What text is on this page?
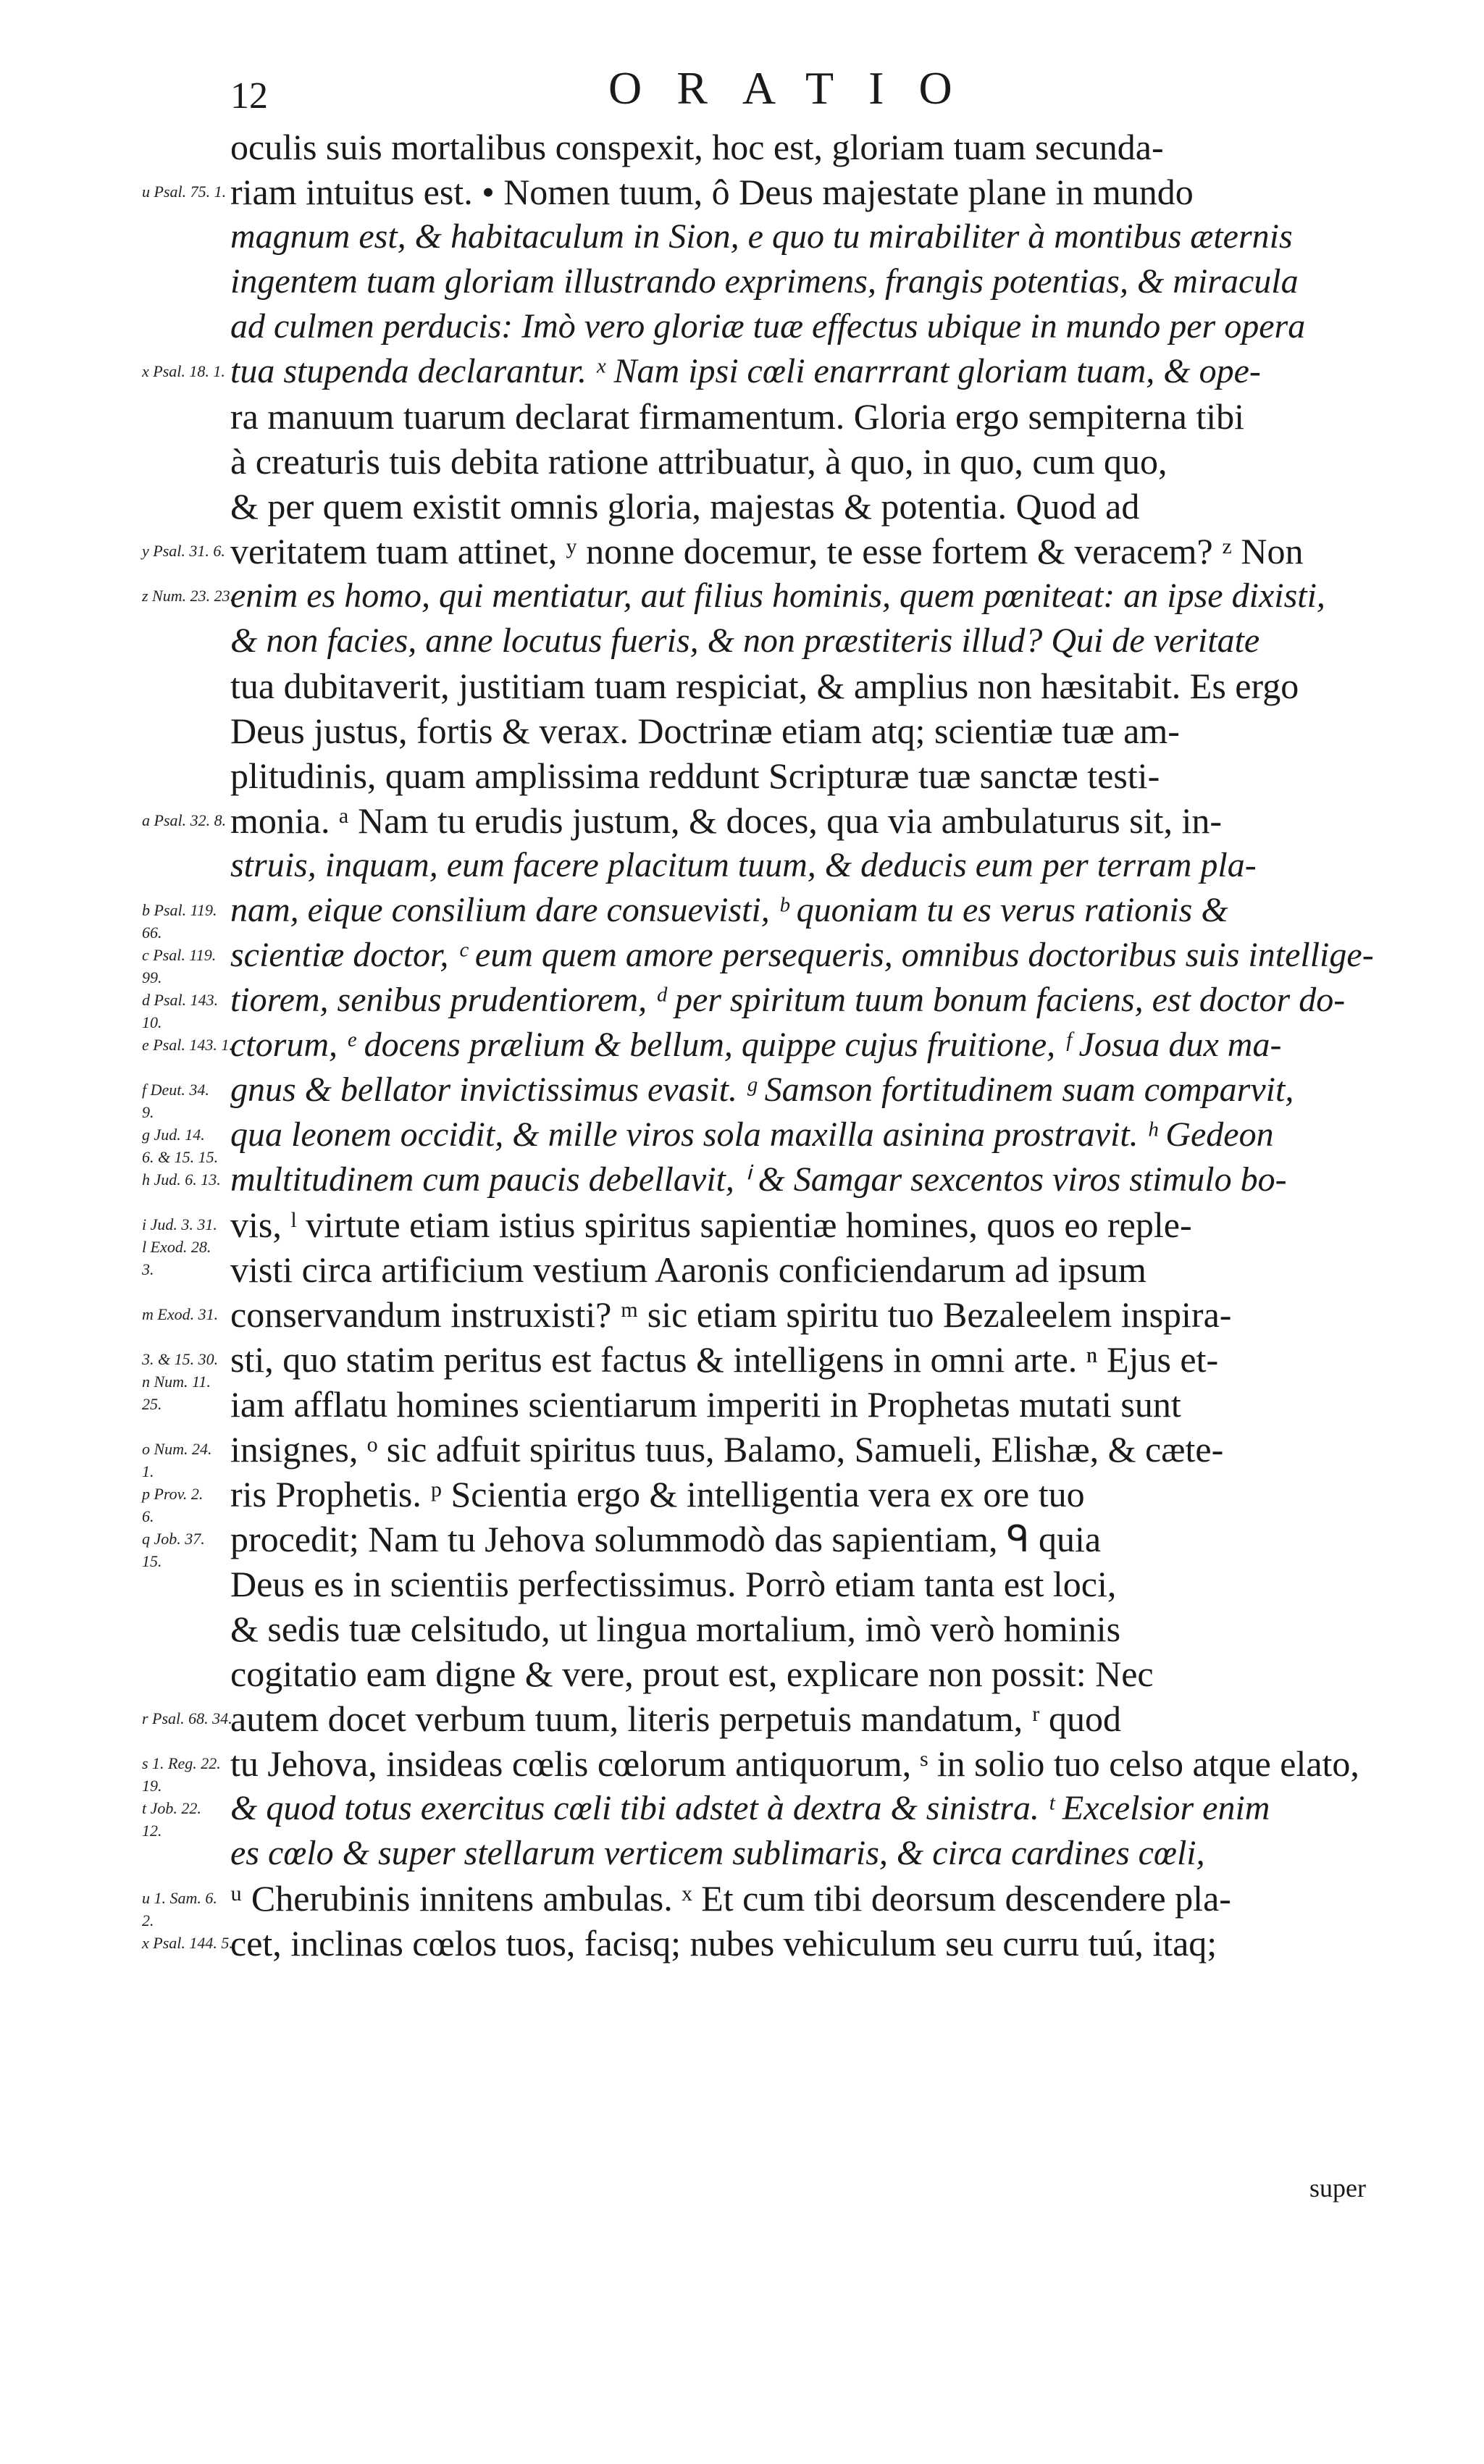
12	ORATIO
u Psal. 75. 1.
x Psal. 18. 1.
y Psal. 31. 6.
z Num. 23. 23.
a Psal. 32. 8.
b Psal. 119.
66.
c Psal. 119.
99.
d Psal. 143.
10.
e Psal. 143. 1.
f Deut. 34.
9.
g Jud. 14.
6. & 15. 15.
h Jud. 6. 13.
i Jud. 3. 31.
l Exod. 28.
3.
m Exod. 31.
3. & 15. 30.
n Num. 11.
25.
o Num. 24.
1.
p Prov. 2.
6.
q Job. 37.
15.
r Psal. 68. 34.
s 1. Reg. 22.
19.
t Job. 22.
12.
u 1. Sam. 6.
2.
x Psal. 144. 5.
oculis suis mortalibus conspexit, hoc est, gloriam tuam secunda-
riam intuitus est. • Nomen tuum, ô Deus majestate plane in mundo
magnum est, & habitaculum in Sion, e quo tu mirabiliter à montibus æternis
ingentem tuam gloriam illustrando exprimens, frangis potentias, & miracula
ad culmen perducis: Imò vero gloriæ tuæ effectus ubique in mundo per opera
tua stupenda declarantur. ˣ Nam ipsi cœli enarrrant gloriam tuam, & ope-
ra manuum tuarum declarat firmamentum. Gloria ergo sempiterna tibi
à creaturis tuis debita ratione attribuatur, à quo, in quo, cum quo,
& per quem existit omnis gloria, majestas & potentia. Quod ad
veritatem tuam attinet, ʸ nonne docemur, te esse fortem & veracem? ᶻ Non
enim es homo, qui mentiatur, aut filius hominis, quem pœniteat: an ipse dixisti,
& non facies, anne locutus fueris, & non præstiteris illud? Qui de veritate
tua dubitaverit, justitiam tuam respiciat, & amplius non hæsitabit. Es ergo
Deus justus, fortis & verax. Doctrinæ etiam atq; scientiæ tuæ am-
plitudinis, quam amplissima reddunt Scripturæ tuæ sanctæ testi-
monia. ᵃ Nam tu erudis justum, & doces, qua via ambulaturus sit, in-
struis, inquam, eum facere placitum tuum, & deducis eum per terram pla-
nam, eique consilium dare consuevisti, ᵇ quoniam tu es verus rationis &
scientiæ doctor, ᶜ eum quem amore persequeris, omnibus doctoribus suis intellige-
tiorem, senibus prudentiorem, ᵈ per spiritum tuum bonum faciens, est doctor do-
ctorum, ᵉ docens prælium & bellum, quippe cujus fruitione, ᶠ Josua dux ma-
gnus & bellator invictissimus evasit. ᵍ Samson fortitudinem suam comparvit,
qua leonem occidit, & mille viros sola maxilla asinina prostravit. ʰ Gedeon
multitudinem cum paucis debellavit, ⁱ & Samgar sexcentos viros stimulo bo-
vis, ˡ virtute etiam istius spiritus sapientiæ homines, quos eo reple-
visti circa artificium vestium Aaronis conficiendarum ad ipsum
conservandum instruxisti? ᵐ sic etiam spiritu tuo Bezaleelem inspira-
sti, quo statim peritus est factus & intelligens in omni arte. ⁿ Ejus et-
iam afflatu homines scientiarum imperiti in Prophetas mutati sunt
insignes, ᵒ sic adfuit spiritus tuus, Balamo, Samueli, Elishæ, & cæte-
ris Prophetis. ᵖ Scientia ergo & intelligentia vera ex ore tuo
procedit; Nam tu Jehova solummodò das sapientiam, ᑫ quia
Deus es in scientiis perfectissimus. Porrò etiam tanta est loci,
& sedis tuæ celsitudo, ut lingua mortalium, imò verò hominis
cogitatio eam digne & vere, prout est, explicare non possit: Nec
autem docet verbum tuum, literis perpetuis mandatum, ʳ quod
tu Jehova, insideas cœlis cœlorum antiquorum, ˢ in solio tuo celso atque elato,
& quod totus exercitus cœli tibi adstet à dextra & sinistra. ᵗ Excelsior enim
es cœlo & super stellarum verticem sublimaris, & circa cardines cœli,
ᵘ Cherubinis innitens ambulas. ˣ Et cum tibi deorsum descendere pla-
cet, inclinas cœlos tuos, facisq; nubes vehiculum seu curru tuú, itaq;
super
